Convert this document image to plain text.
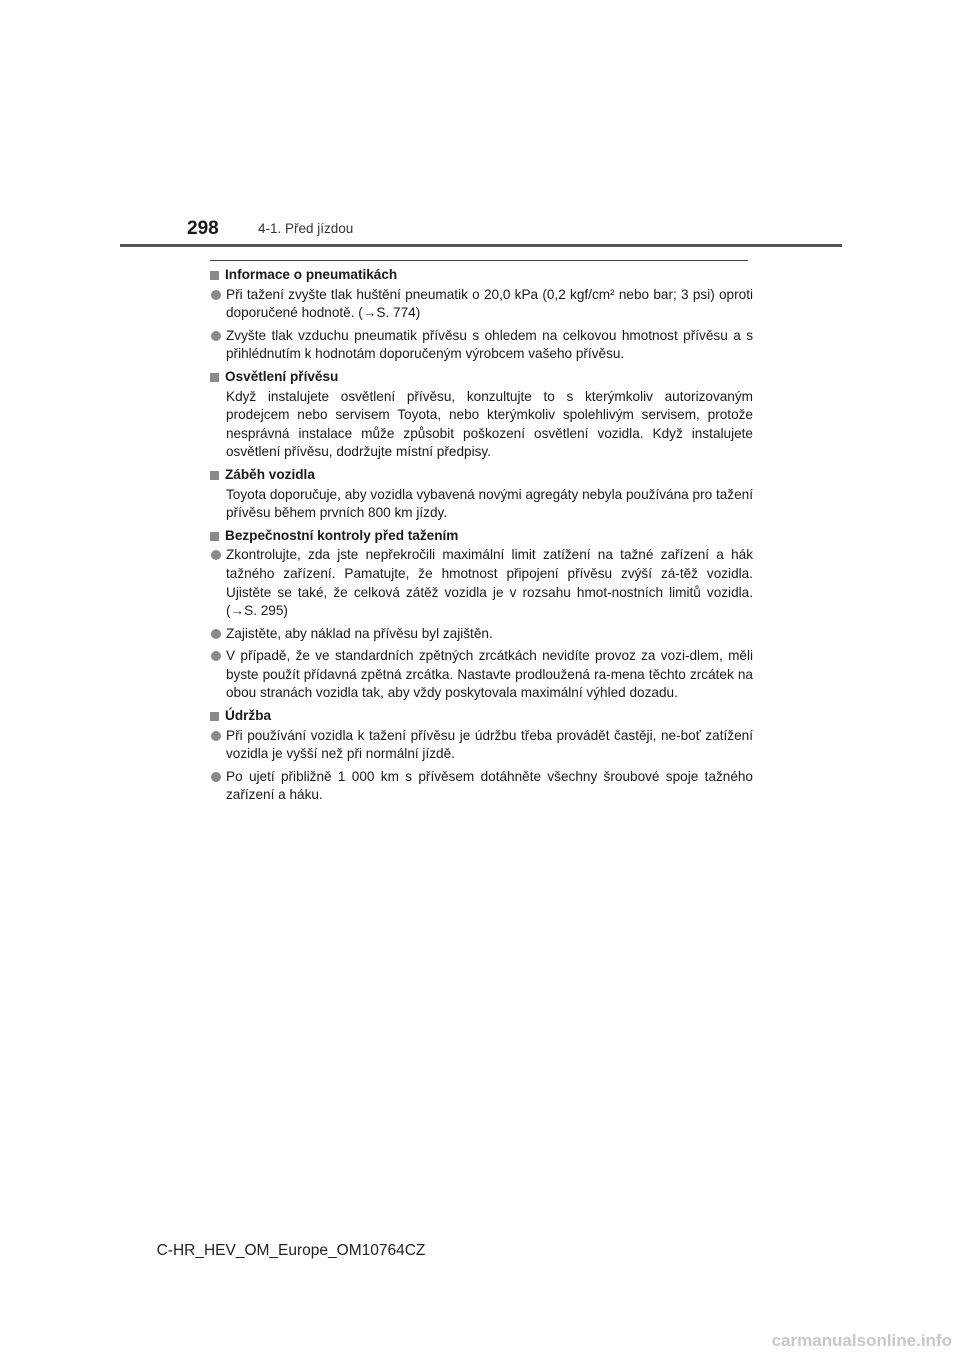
298	4-1. Před jízdou
Informace o pneumatikách
Při tažení zvyšte tlak huštění pneumatik o 20,0 kPa (0,2 kgf/cm² nebo bar; 3 psi) oproti doporučené hodnotě. (→S. 774)
Zvyšte tlak vzduchu pneumatik přívěsu s ohledem na celkovou hmotnost přívěsu a s přihlédnutím k hodnotám doporučeným výrobcem vašeho přívěsu.
Osvětlení přívěsu
Když instalujete osvětlení přívěsu, konzultujte to s kterýmkoliv autorizovaným prodejcem nebo servisem Toyota, nebo kterýmkoliv spolehlivým servisem, protože nesprávná instalace může způsobit poškození osvětlení vozidla. Když instalujete osvětlení přívěsu, dodržujte místní předpisy.
Záběh vozidla
Toyota doporučuje, aby vozidla vybavená novými agregáty nebyla používána pro tažení přívěsu během prvních 800 km jízdy.
Bezpečnostní kontroly před tažením
Zkontrolujte, zda jste nepřekročili maximální limit zatížení na tažné zařízení a hák tažného zařízení. Pamatujte, že hmotnost připojení přívěsu zvýší zá-těž vozidla. Ujistěte se také, že celková zátěž vozidla je v rozsahu hmot-nostních limitů vozidla. (→S. 295)
Zajistěte, aby náklad na přívěsu byl zajištěn.
V případě, že ve standardních zpětných zrcátkách nevidíte provoz za vozi-dlem, měli byste použít přídavná zpětná zrcátka. Nastavte prodloužená ra-mena těchto zrcátek na obou stranách vozidla tak, aby vždy poskytovala maximální výhled dozadu.
Údržba
Při používání vozidla k tažení přívěsu je údržbu třeba provádět častěji, ne-boť zatížení vozidla je vyšší než při normální jízdě.
Po ujetí přibližně 1 000 km s přívěsem dotáhněte všechny šroubové spoje tažného zařízení a háku.
C-HR_HEV_OM_Europe_OM10764CZ
carmanualsonline.info
